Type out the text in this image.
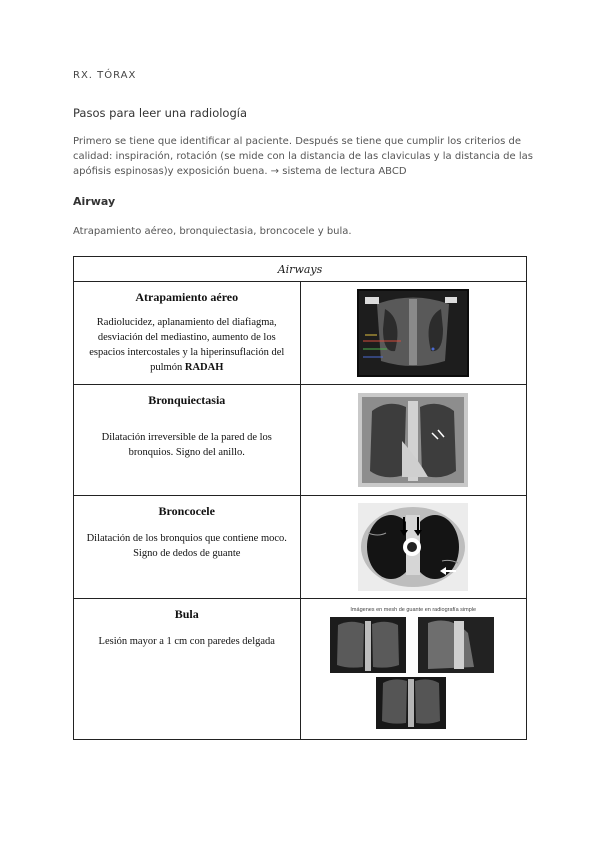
RX. TÓRAX
Pasos para leer una radiología
Primero se tiene que identificar al paciente. Después se tiene que cumplir los criterios de calidad: inspiración, rotación (se mide con la distancia de las claviculas y la distancia de las apófisis espinosas)y exposición buena. → sistema de lectura ABCD
Airway
Atrapamiento aéreo, bronquiectasia, broncocele y bula.
Airways	

Atrapamiento aéreo
Radiolucidez, aplanamiento del diafiagma, desviación del mediastino, aumento de los espacios intercostales y la hiperinsuflación del pulmón RADAH

Bronquiectasia
Dilatación irreversible de la pared de los bronquios. Signo del anillo.

Broncocele
Dilatación de los bronquios que contiene moco. Signo de dedos de guante

Bula
Lesión mayor a 1 cm con paredes delgada	Imágenes en mesh de guante en radiografía simple
